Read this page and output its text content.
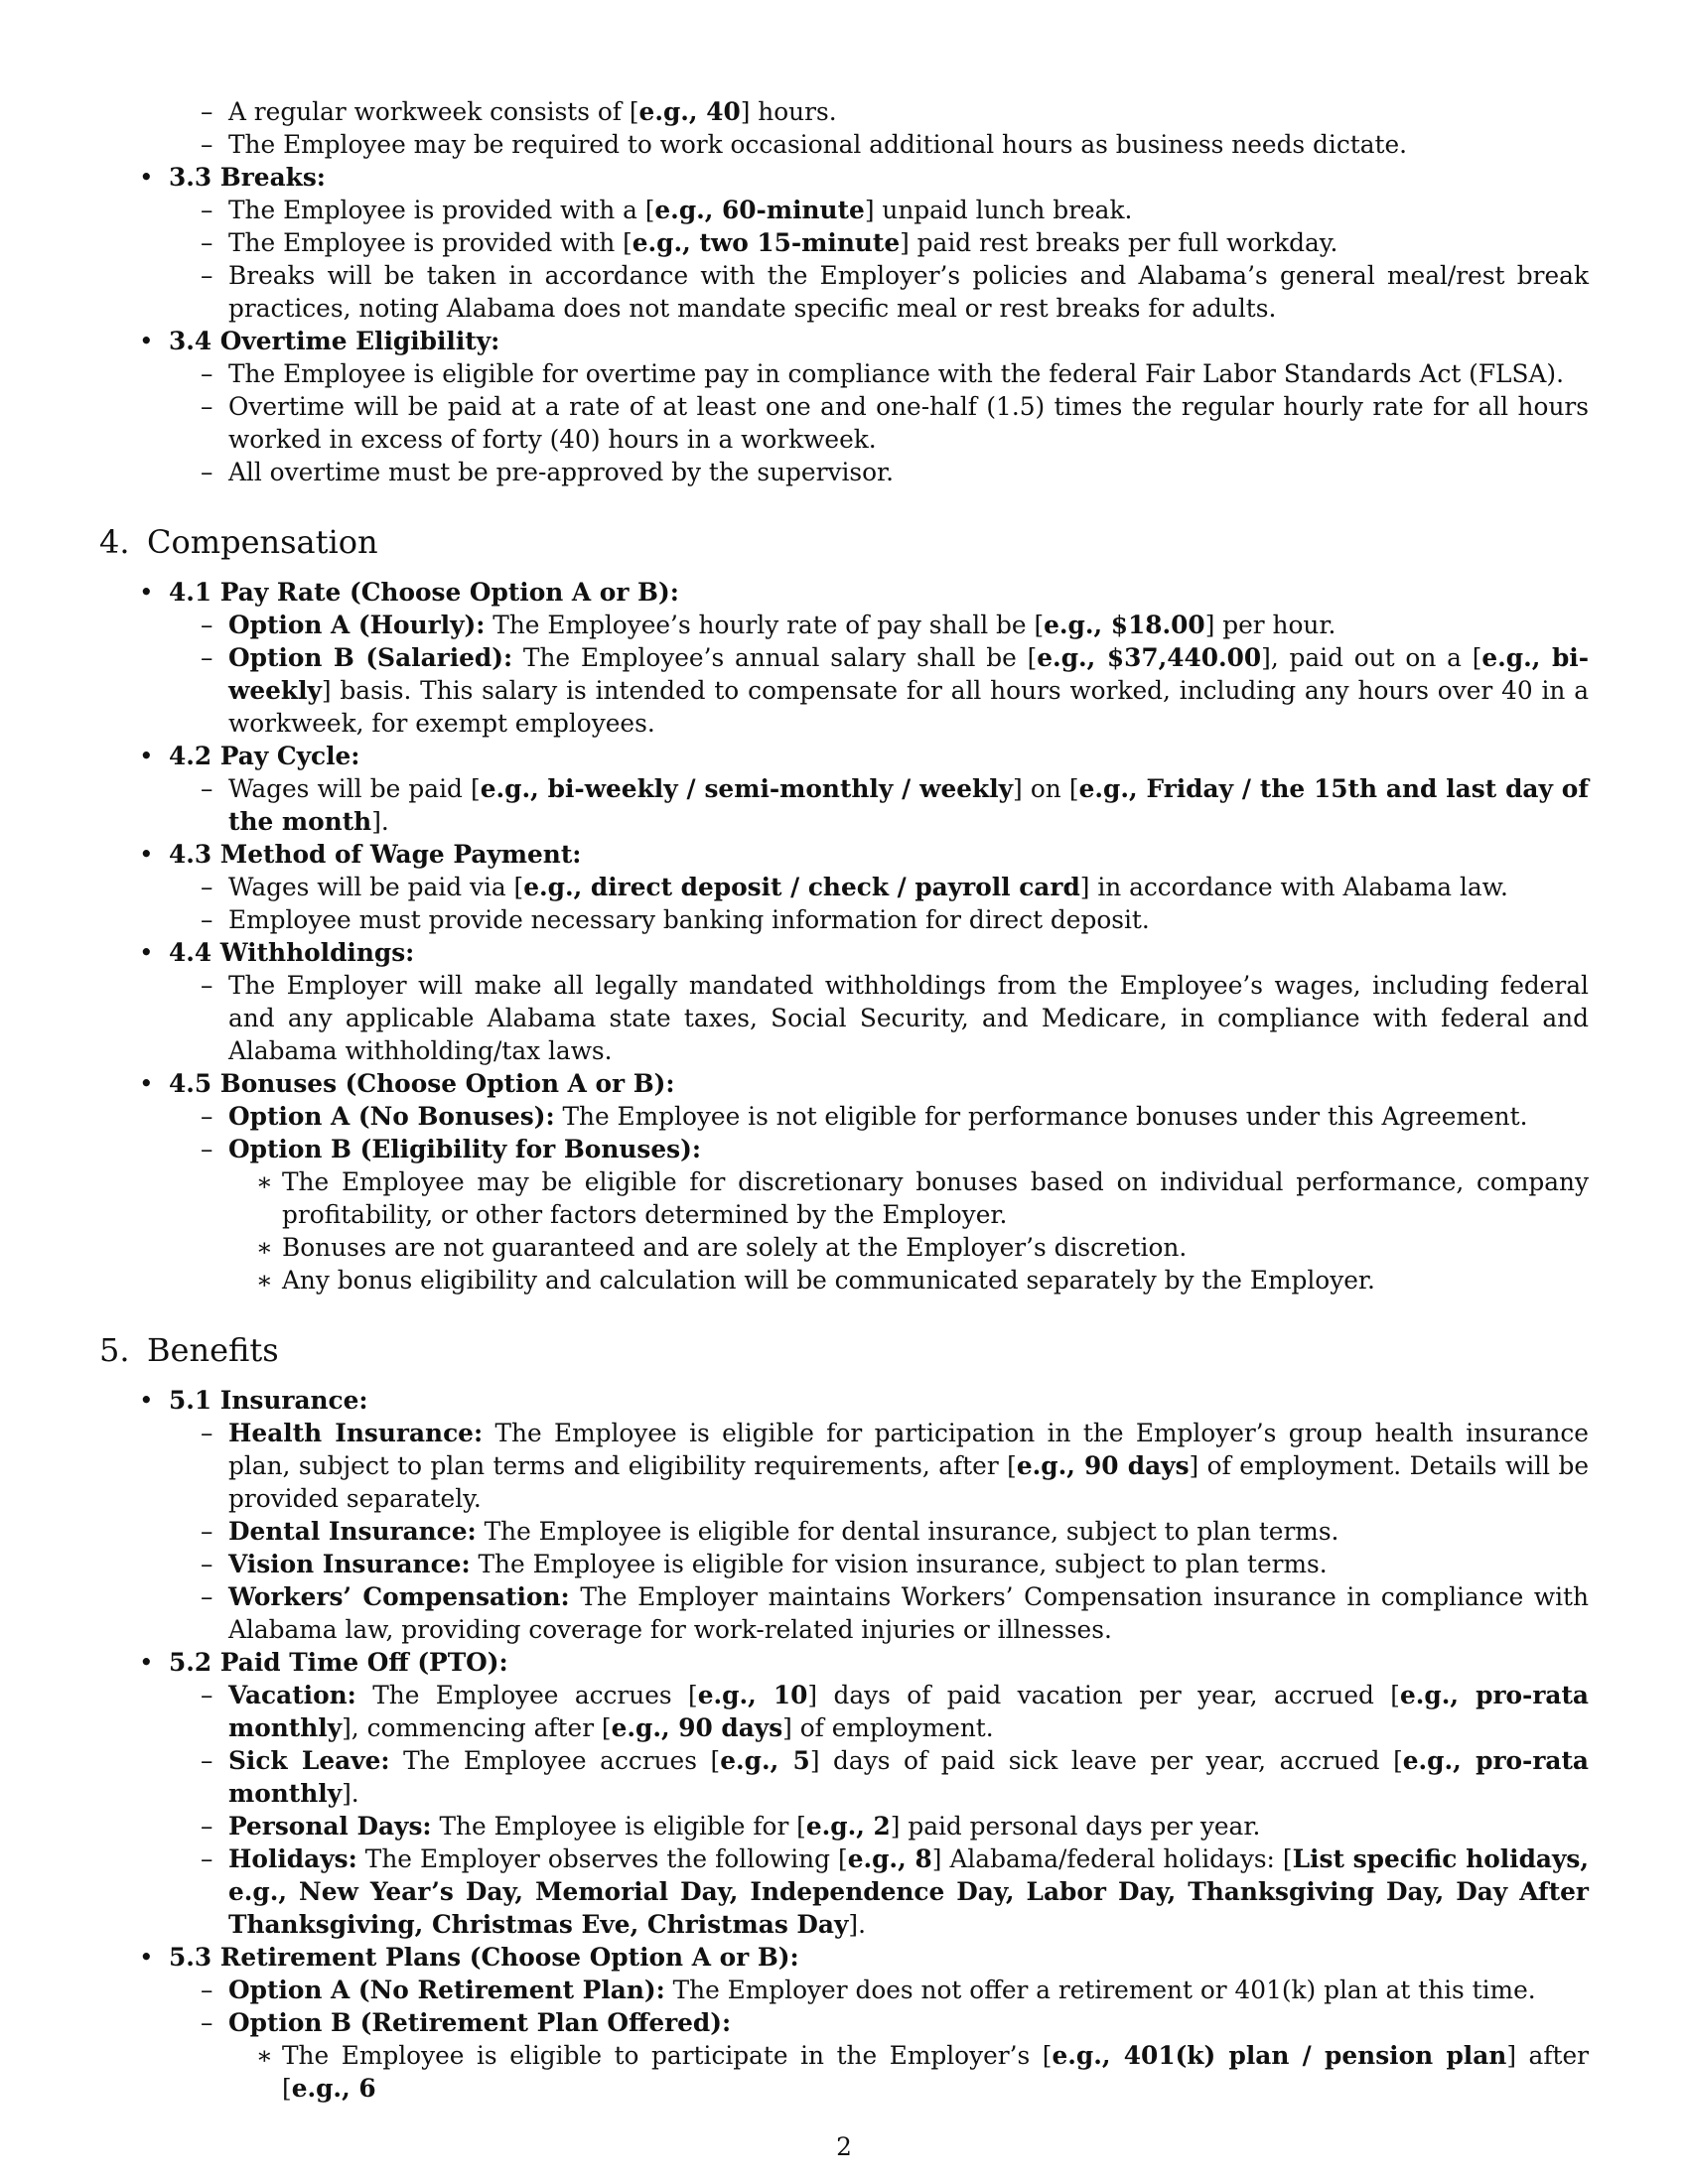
– A regular workweek consists of [e.g., 40] hours.
– The Employee may be required to work occasional additional hours as business needs dictate.
• 3.3 Breaks:
– The Employee is provided with a [e.g., 60-minute] unpaid lunch break.
– The Employee is provided with [e.g., two 15-minute] paid rest breaks per full workday.
– Breaks will be taken in accordance with the Employer’s policies and Alabama’s general meal/rest break practices, noting Alabama does not mandate specific meal or rest breaks for adults.
• 3.4 Overtime Eligibility:
– The Employee is eligible for overtime pay in compliance with the federal Fair Labor Standards Act (FLSA).
– Overtime will be paid at a rate of at least one and one-half (1.5) times the regular hourly rate for all hours worked in excess of forty (40) hours in a workweek.
– All overtime must be pre-approved by the supervisor.
4. Compensation
• 4.1 Pay Rate (Choose Option A or B):
– Option A (Hourly): The Employee’s hourly rate of pay shall be [e.g., $18.00] per hour.
– Option B (Salaried): The Employee’s annual salary shall be [e.g., $37,440.00], paid out on a [e.g., bi-weekly] basis. This salary is intended to compensate for all hours worked, including any hours over 40 in a workweek, for exempt employees.
• 4.2 Pay Cycle:
– Wages will be paid [e.g., bi-weekly / semi-monthly / weekly] on [e.g., Friday / the 15th and last day of the month].
• 4.3 Method of Wage Payment:
– Wages will be paid via [e.g., direct deposit / check / payroll card] in accordance with Alabama law.
– Employee must provide necessary banking information for direct deposit.
• 4.4 Withholdings:
– The Employer will make all legally mandated withholdings from the Employee’s wages, including federal and any applicable Alabama state taxes, Social Security, and Medicare, in compliance with federal and Alabama withholding/tax laws.
• 4.5 Bonuses (Choose Option A or B):
– Option A (No Bonuses): The Employee is not eligible for performance bonuses under this Agreement.
– Option B (Eligibility for Bonuses):
∗ The Employee may be eligible for discretionary bonuses based on individual performance, company profitability, or other factors determined by the Employer.
∗ Bonuses are not guaranteed and are solely at the Employer’s discretion.
∗ Any bonus eligibility and calculation will be communicated separately by the Employer.
5. Benefits
• 5.1 Insurance:
– Health Insurance: The Employee is eligible for participation in the Employer’s group health insurance plan, subject to plan terms and eligibility requirements, after [e.g., 90 days] of employment. Details will be provided separately.
– Dental Insurance: The Employee is eligible for dental insurance, subject to plan terms.
– Vision Insurance: The Employee is eligible for vision insurance, subject to plan terms.
– Workers’ Compensation: The Employer maintains Workers’ Compensation insurance in compliance with Alabama law, providing coverage for work-related injuries or illnesses.
• 5.2 Paid Time Off (PTO):
– Vacation: The Employee accrues [e.g., 10] days of paid vacation per year, accrued [e.g., pro-rata monthly], commencing after [e.g., 90 days] of employment.
– Sick Leave: The Employee accrues [e.g., 5] days of paid sick leave per year, accrued [e.g., pro-rata monthly].
– Personal Days: The Employee is eligible for [e.g., 2] paid personal days per year.
– Holidays: The Employer observes the following [e.g., 8] Alabama/federal holidays: [List specific holidays, e.g., New Year’s Day, Memorial Day, Independence Day, Labor Day, Thanksgiving Day, Day After Thanksgiving, Christmas Eve, Christmas Day].
• 5.3 Retirement Plans (Choose Option A or B):
– Option A (No Retirement Plan): The Employer does not offer a retirement or 401(k) plan at this time.
– Option B (Retirement Plan Offered):
∗ The Employee is eligible to participate in the Employer’s [e.g., 401(k) plan / pension plan] after [e.g., 6
2
